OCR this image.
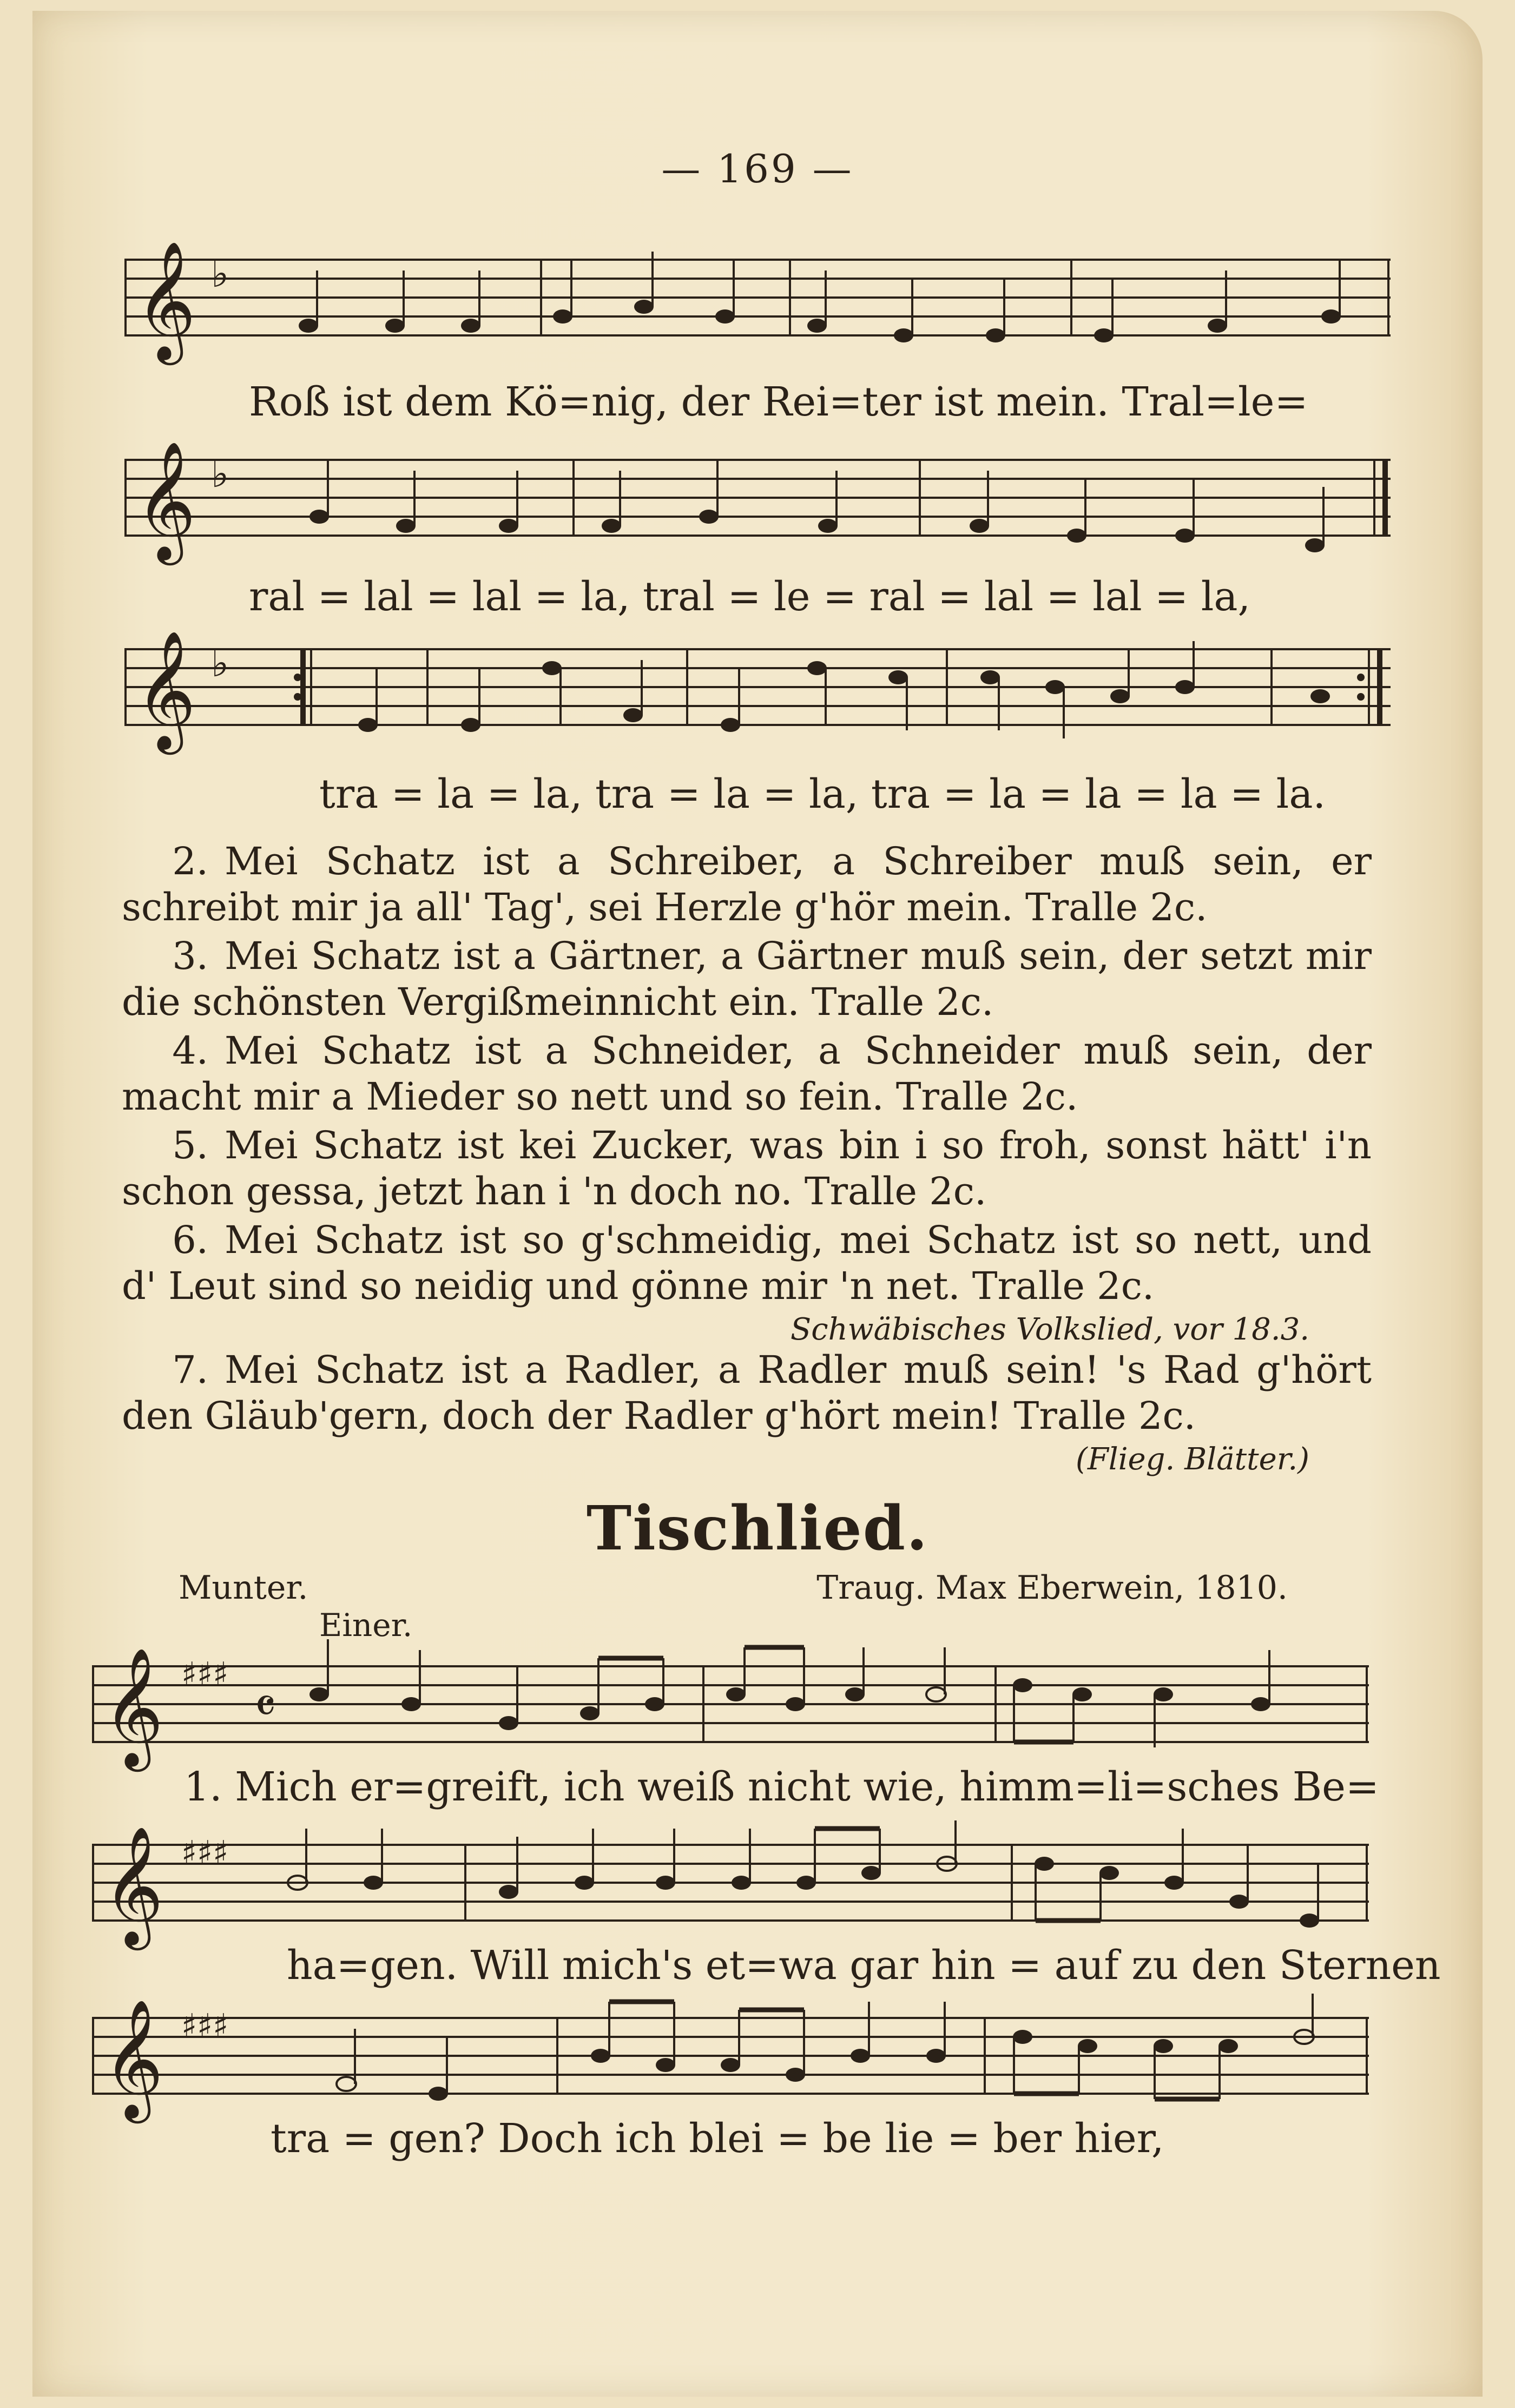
— 169 —
𝄞 ♭
Roß ist dem Kö=nig, der Rei=ter ist mein. Tral=le=
𝄞 ♭
ral = lal = lal = la, tral = le = ral = lal = lal = la,
𝄞 ♭
tra = la = la, tra = la = la, tra = la = la = la = la.
2. Mei Schatz ist a Schreiber, a Schreiber muß sein, er schreibt mir ja all' Tag', sei Herzle g'hör mein. Tralle 2c.
3. Mei Schatz ist a Gärtner, a Gärtner muß sein, der setzt mir die schönsten Vergißmeinnicht ein. Tralle 2c.
4. Mei Schatz ist a Schneider, a Schneider muß sein, der macht mir a Mieder so nett und so fein. Tralle 2c.
5. Mei Schatz ist kei Zucker, was bin i so froh, sonst hätt' i'n schon gessa, jetzt han i 'n doch no. Tralle 2c.
6. Mei Schatz ist so g'schmeidig, mei Schatz ist so nett, und d' Leut sind so neidig und gönne mir 'n net. Tralle 2c.
Schwäbisches Volkslied, vor 18.3.
7. Mei Schatz ist a Radler, a Radler muß sein! 's Rad g'hört den Gläub'gern, doch der Radler g'hört mein! Tralle 2c.
(Flieg. Blätter.)
Tischlied.
Munter.	Traug. Max Eberwein, 1810.
Einer.
𝄞 ♯♯♯
𝄴
1. Mich er=greift, ich weiß nicht wie, himm=li=sches Be=
𝄞 ♯♯♯
ha=gen. Will mich's et=wa gar hin = auf zu den Sternen
𝄞 ♯♯♯
tra = gen? Doch ich blei = be lie = ber hier,
